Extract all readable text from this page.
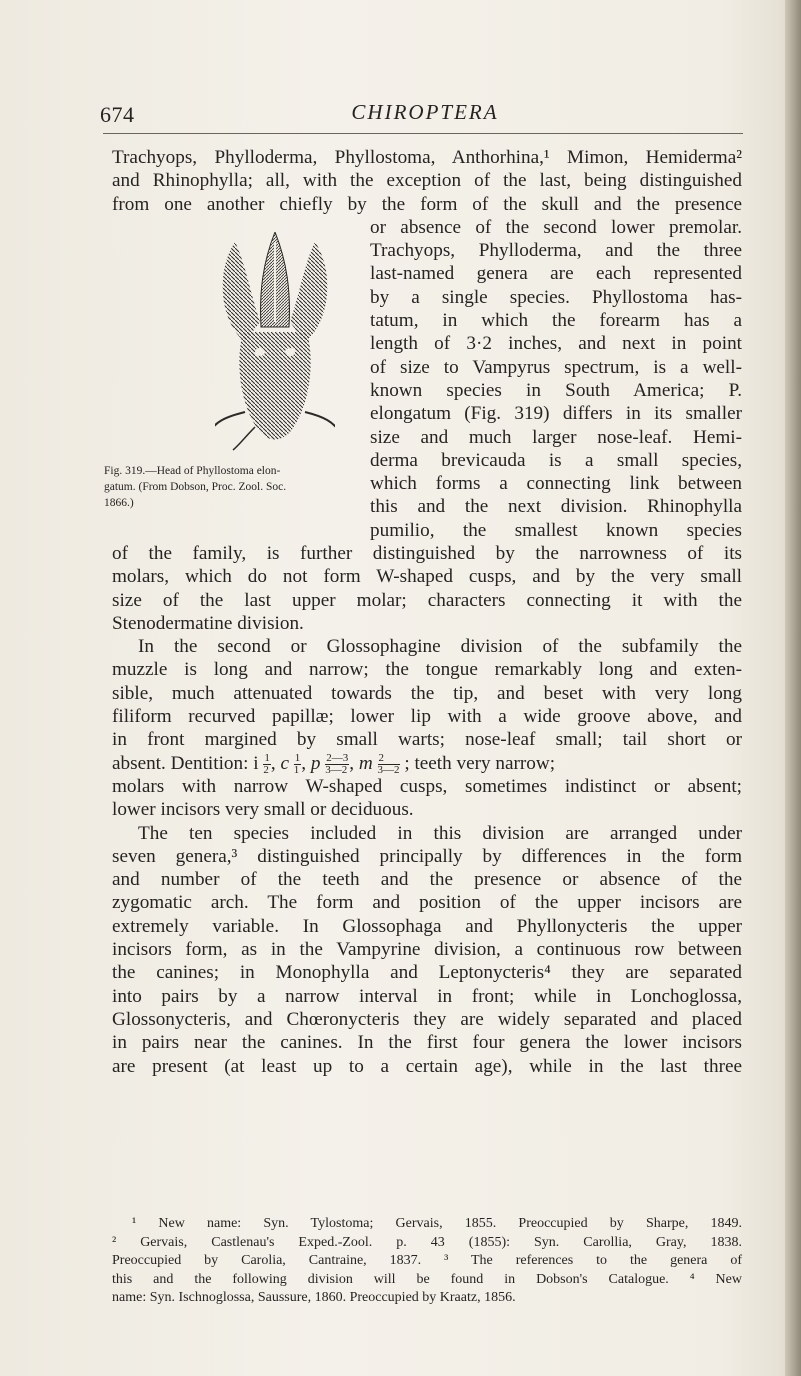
674	CHIROPTERA
Fig. 319.—Head of Phyllostoma elon-
gatum. (From Dobson, Proc. Zool. Soc.
1866.)
Trachyops, Phylloderma, Phyllostoma, Anthorhina,¹ Mimon, Hemiderma²
and Rhinophylla; all, with the exception of the last, being distinguished
from one another chiefly by the form of the skull and the presence
or absence of the second lower premolar.
Trachyops, Phylloderma, and the three
last-named genera are each represented
by a single species. Phyllostoma has-
tatum, in which the forearm has a
length of 3·2 inches, and next in point
of size to Vampyrus spectrum, is a well-
known species in South America; P.
elongatum (Fig. 319) differs in its smaller
size and much larger nose-leaf. Hemi-
derma brevicauda is a small species,
which forms a connecting link between
this and the next division. Rhinophylla
pumilio, the smallest known species
of the family, is further distinguished by the narrowness of its
molars, which do not form W-shaped cusps, and by the very small
size of the last upper molar; characters connecting it with the
Stenodermatine division.
In the second or Glossophagine division of the subfamily the
muzzle is long and narrow; the tongue remarkably long and exten-
sible, much attenuated towards the tip, and beset with very long
filiform recurved papillæ; lower lip with a wide groove above, and
in front margined by small warts; nose-leaf small; tail short or
absent. Dentition: i $\frac{1}{2}$ , c $\frac{1}{1}$ , p $\frac{2—3}{3—2}$ , m $\frac{2}{3—2}$ ; teeth very narrow;
molars with narrow W-shaped cusps, sometimes indistinct or absent;
lower incisors very small or deciduous.
The ten species included in this division are arranged under
seven genera,³ distinguished principally by differences in the form
and number of the teeth and the presence or absence of the
zygomatic arch. The form and position of the upper incisors are
extremely variable. In Glossophaga and Phyllonycteris the upper
incisors form, as in the Vampyrine division, a continuous row between
the canines; in Monophylla and Leptonycteris⁴ they are separated
into pairs by a narrow interval in front; while in Lonchoglossa,
Glossonycteris, and Chœronycteris they are widely separated and placed
in pairs near the canines. In the first four genera the lower incisors
are present (at least up to a certain age), while in the last three
¹ New name: Syn. Tylostoma; Gervais, 1855. Preoccupied by Sharpe, 1849.
² Gervais, Castlenau's Exped.-Zool. p. 43 (1855): Syn. Carollia, Gray, 1838.
Preoccupied by Carolia, Cantraine, 1837. ³ The references to the genera of
this and the following division will be found in Dobson's Catalogue. ⁴ New
name: Syn. Ischnoglossa, Saussure, 1860. Preoccupied by Kraatz, 1856.
